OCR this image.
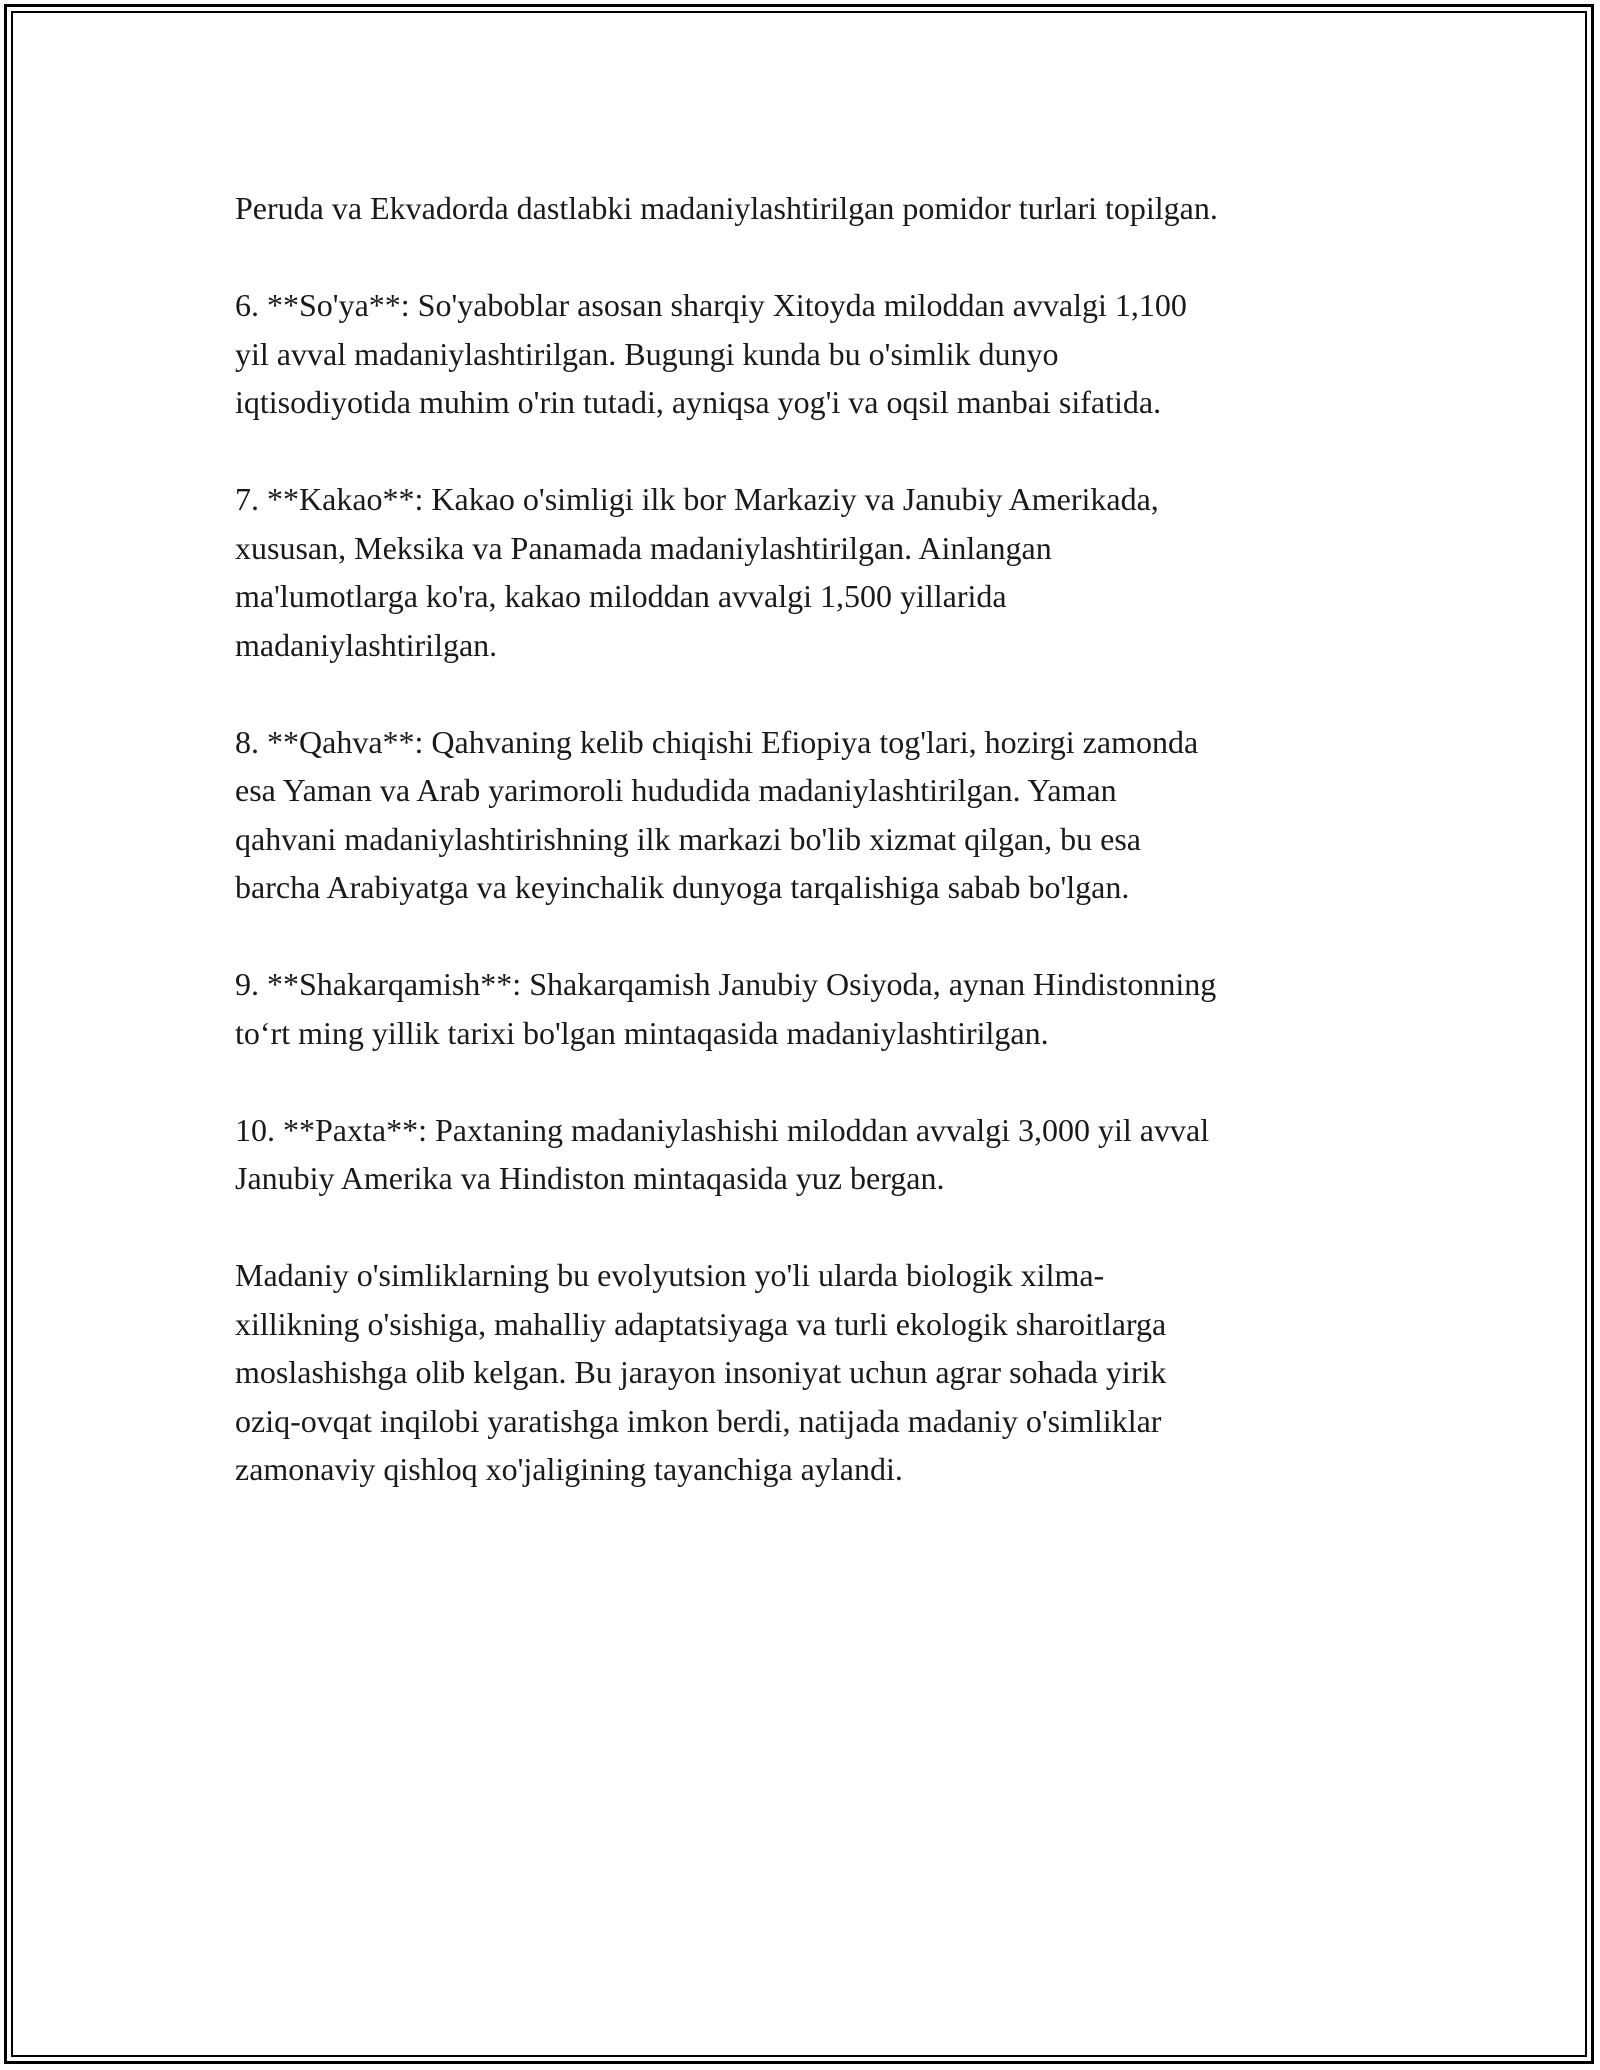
Peruda va Ekvadorda dastlabki madaniylashtirilgan pomidor turlari topilgan.

6. **So'ya**: So'yaboblar asosan sharqiy Xitoyda miloddan avvalgi 1,100
yil avval madaniylashtirilgan. Bugungi kunda bu o'simlik dunyo
iqtisodiyotida muhim o'rin tutadi, ayniqsa yog'i va oqsil manbai sifatida.

7. **Kakao**: Kakao o'simligi ilk bor Markaziy va Janubiy Amerikada,
xususan, Meksika va Panamada madaniylashtirilgan. Ainlangan
ma'lumotlarga ko'ra, kakao miloddan avvalgi 1,500 yillarida
madaniylashtirilgan.

8. **Qahva**: Qahvaning kelib chiqishi Efiopiya tog'lari, hozirgi zamonda
esa Yaman va Arab yarimoroli hududida madaniylashtirilgan. Yaman
qahvani madaniylashtirishning ilk markazi bo'lib xizmat qilgan, bu esa
barcha Arabiyatga va keyinchalik dunyoga tarqalishiga sabab bo'lgan.

9. **Shakarqamish**: Shakarqamish Janubiy Osiyoda, aynan Hindistonning
to‘rt ming yillik tarixi bo'lgan mintaqasida madaniylashtirilgan.

10. **Paxta**: Paxtaning madaniylashishi miloddan avvalgi 3,000 yil avval
Janubiy Amerika va Hindiston mintaqasida yuz bergan.

Madaniy o'simliklarning bu evolyutsion yo'li ularda biologik xilma-
xillikning o'sishiga, mahalliy adaptatsiyaga va turli ekologik sharoitlarga
moslashishga olib kelgan. Bu jarayon insoniyat uchun agrar sohada yirik
oziq-ovqat inqilobi yaratishga imkon berdi, natijada madaniy o'simliklar
zamonaviy qishloq xo'jaligining tayanchiga aylandi.
